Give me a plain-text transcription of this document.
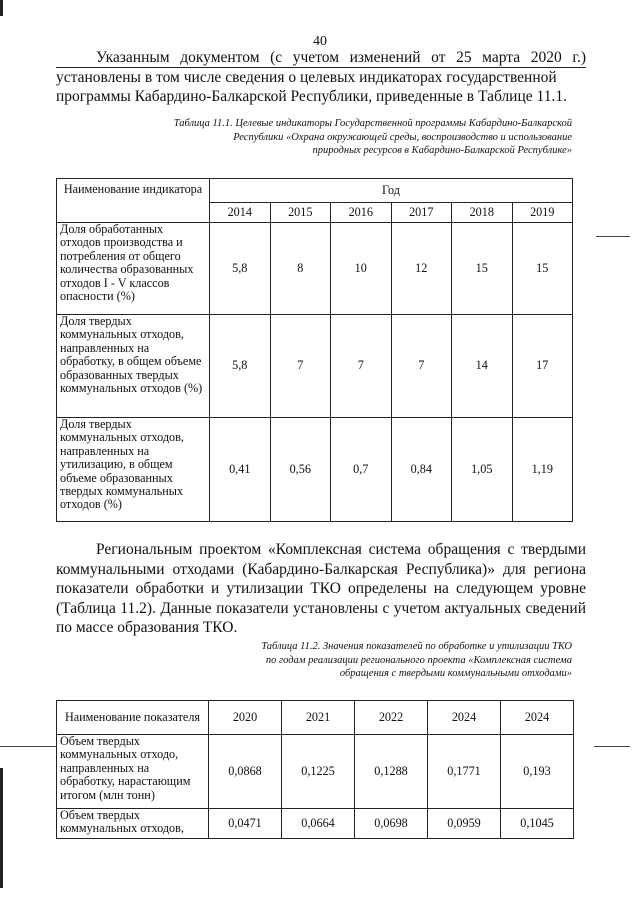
40
Указанным документом (с учетом изменений от 25 марта 2020 г.)
установлены в том числе сведения о целевых индикаторах государственной
программы Кабардино-Балкарской Республики, приведенные в Таблице 11.1.
Таблица 11.1. Целевые индикаторы Государственной программы Кабардино-Балкарской
Республики «Охрана окружающей среды, воспроизводство и использование
природных ресурсов в Кабардино-Балкарской Республике»
Наименование индикатора	Год					
	2014	2015	2016	2017	2018	2019
Доля обработанных отходов производства и потребления от общего количества образованных отходов I - V классов опасности (%)	5,8	8	10	12	15	15
Доля твердых коммунальных отходов, направленных на обработку, в общем объеме образованных твердых коммунальных отходов (%)	5,8	7	7	7	14	17
Доля твердых коммунальных отходов, направленных на утилизацию, в общем объеме образованных твердых коммунальных отходов (%)	0,41	0,56	0,7	0,84	1,05	1,19
Региональным проектом «Комплексная система обращения с твердыми коммунальными отходами (Кабардино-Балкарская Республика)» для региона показатели обработки и утилизации ТКО определены на следующем уровне (Таблица 11.2). Данные показатели установлены с учетом актуальных сведений по массе образования ТКО.
Таблица 11.2. Значения показателей по обработке и утилизации ТКО
по годам реализации регионального проекта «Комплексная система
обращения с твердыми коммунальными отходами»
Наименование показателя	2020	2021	2022	2024	2024
Объем твердых коммунальных отходо, направленных на обработку, нарастающим итогом (млн тонн)	0,0868	0,1225	0,1288	0,1771	0,193
Объем твердых коммунальных отходов,	0,0471	0,0664	0,0698	0,0959	0,1045
